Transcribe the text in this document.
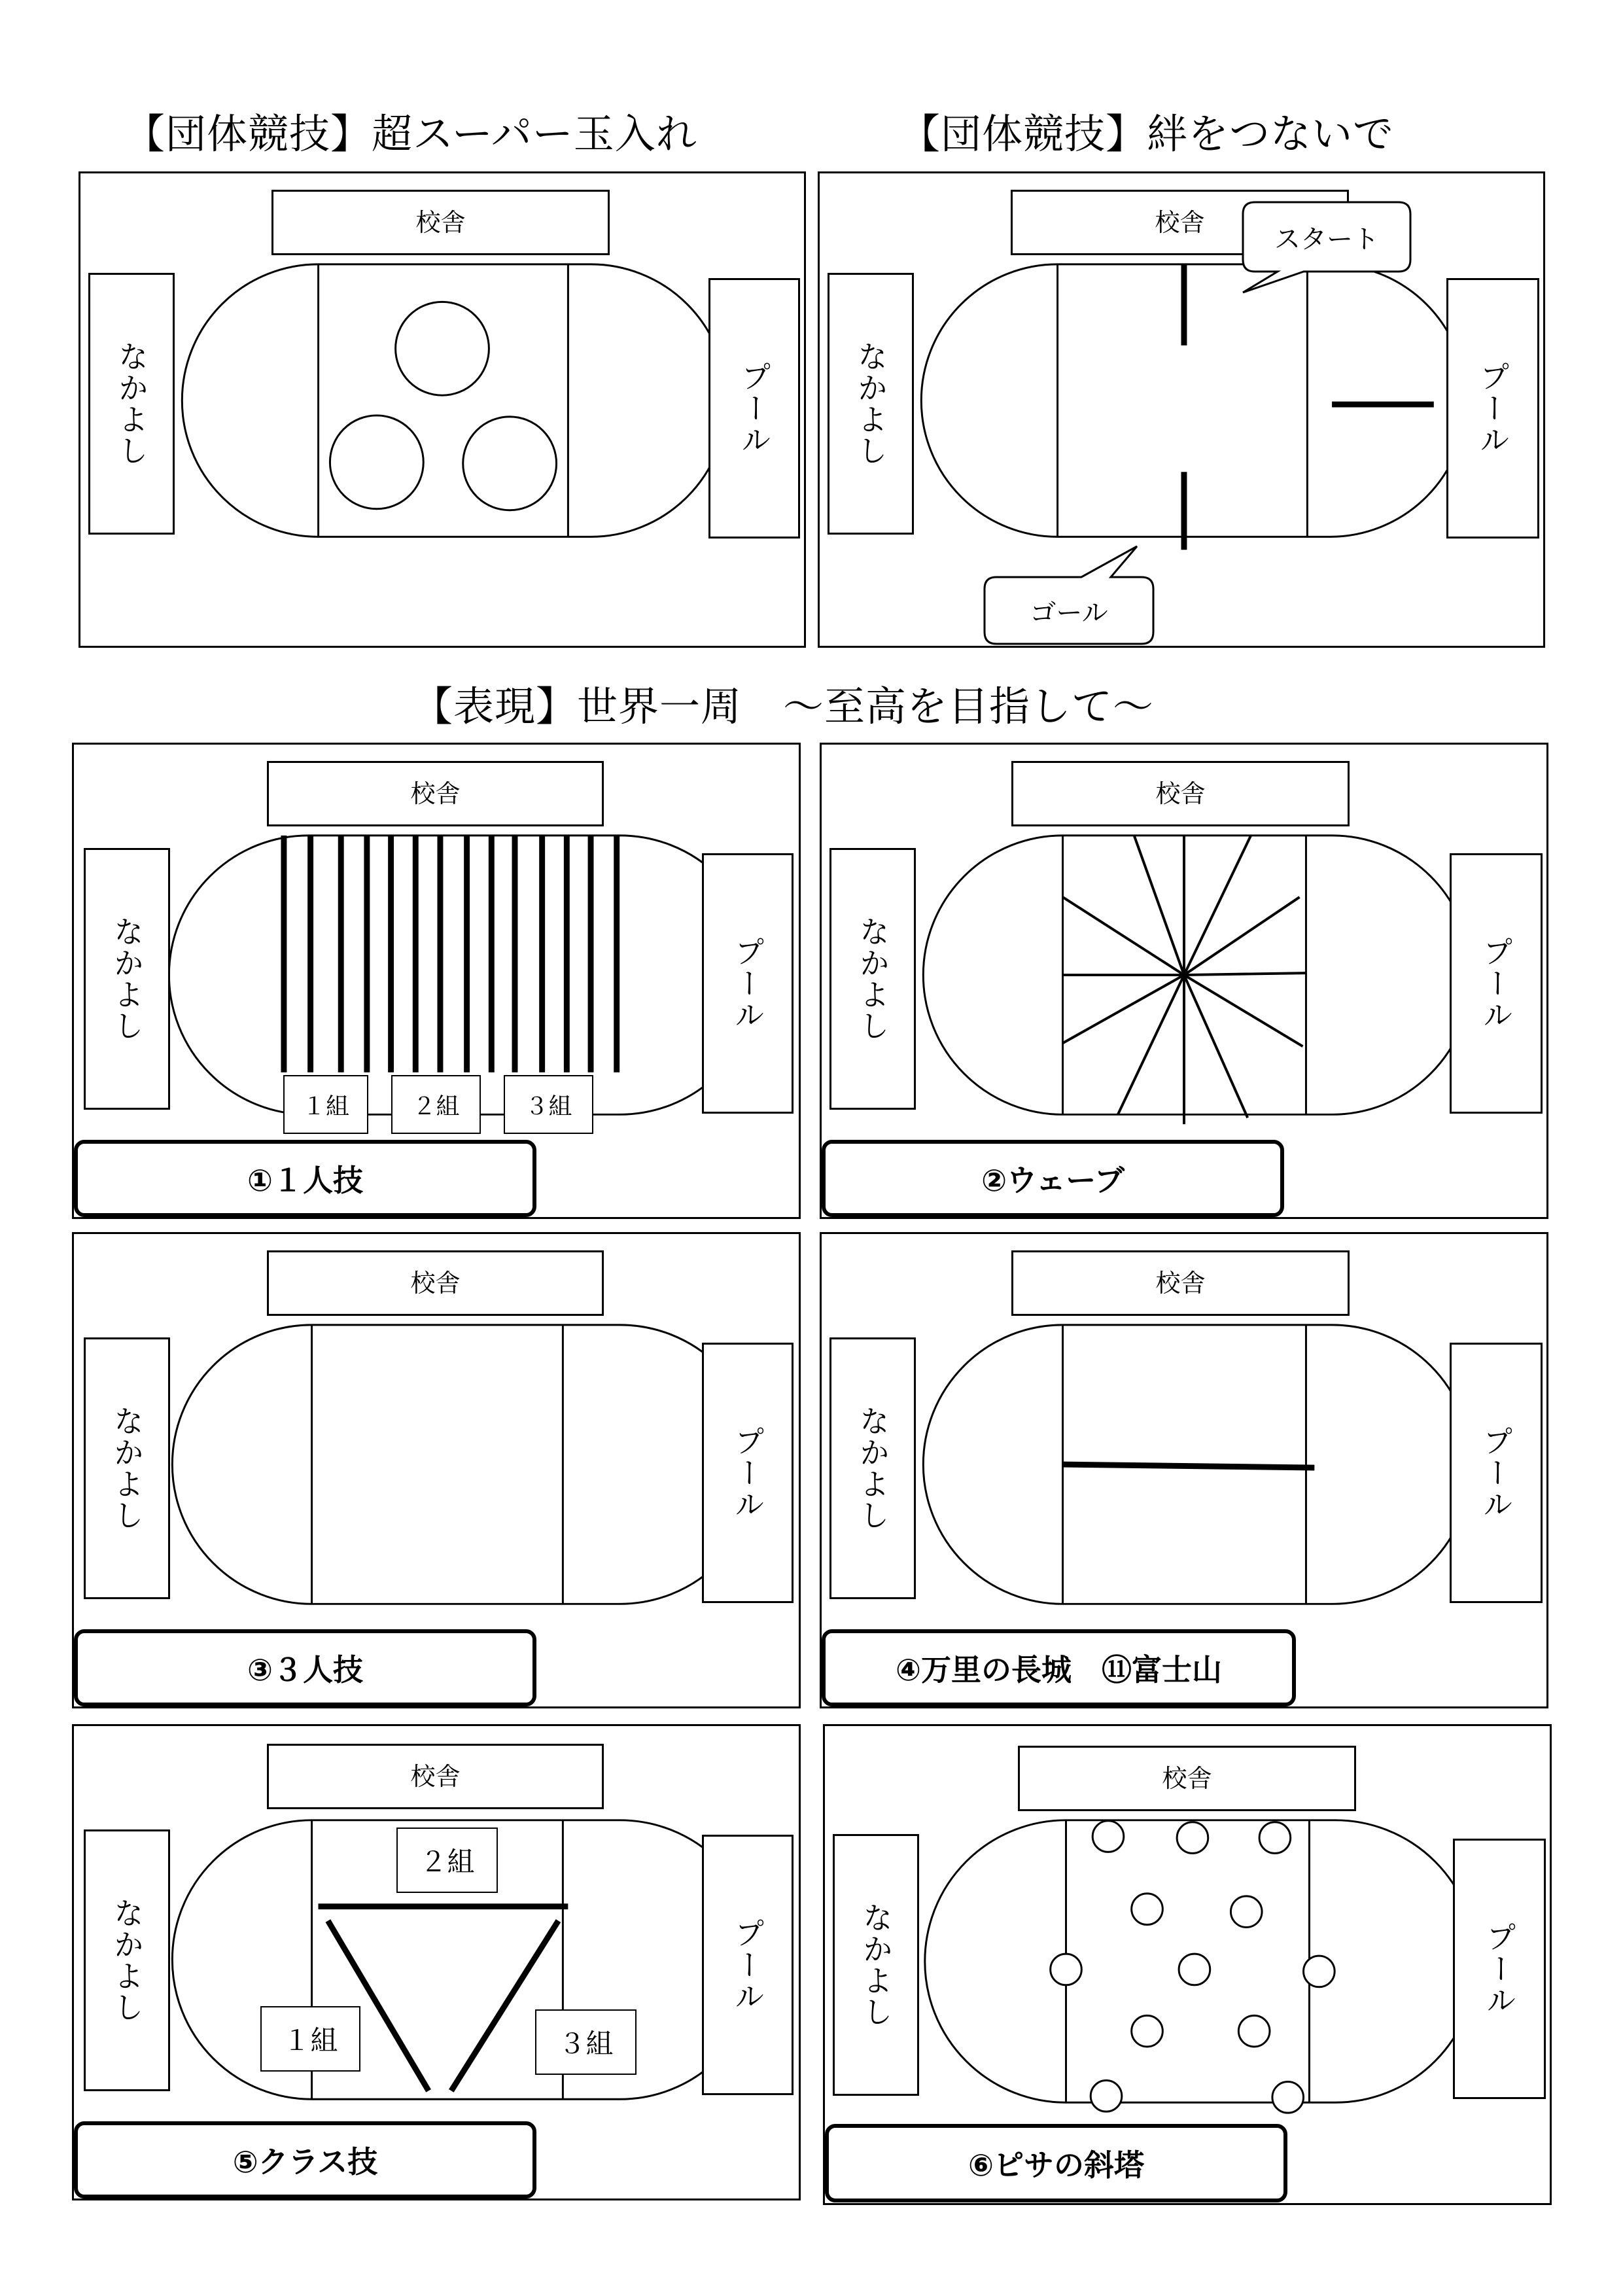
【団体競技】超スーパー玉入れ	【団体競技】絆をつないで
【表現】世界一周　～至高を目指して～
校舎
なかよし	プール
校舎
なかよし	プール
スタート
ゴール
校舎
なかよし	プール
１組	２組	３組
①１人技
校舎
なかよし	プール
②ウェーブ
校舎
なかよし	プール
③３人技
校舎
なかよし	プール
④万里の長城　⑪富士山
校舎
なかよし	プール
２組
１組	３組
⑤クラス技
校舎
なかよし	プール
⑥ピサの斜塔
